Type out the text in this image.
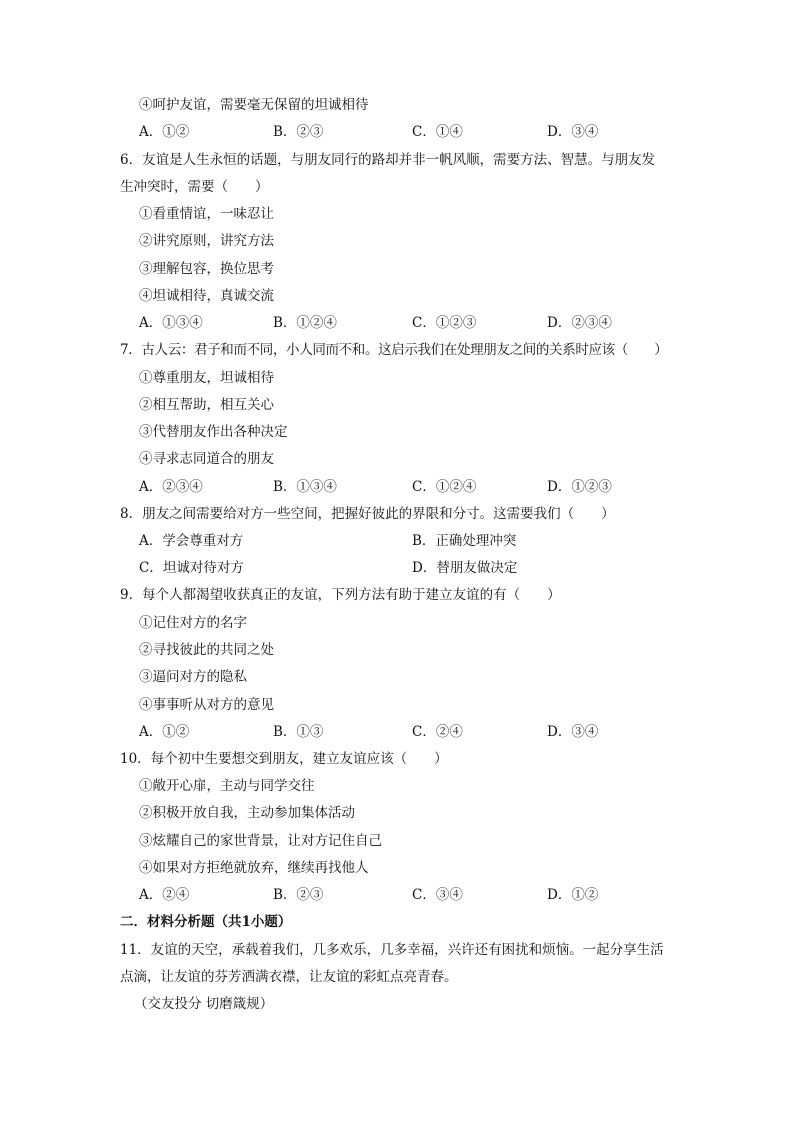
④呵护友谊，需要毫无保留的坦诚相待
A．①②	B．②③	C．①④	D．③④
6．友谊是人生永恒的话题，与朋友同行的路却并非一帆风顺，需要方法、智慧。与朋友发
生冲突时，需要（　　）
①看重情谊，一味忍让
②讲究原则，讲究方法
③理解包容，换位思考
④坦诚相待，真诚交流
A．①③④	B．①②④	C．①②③	D．②③④
7．古人云：君子和而不同，小人同而不和。这启示我们在处理朋友之间的关系时应该（　　）
①尊重朋友，坦诚相待
②相互帮助，相互关心
③代替朋友作出各种决定
④寻求志同道合的朋友
A．②③④	B．①③④	C．①②④	D．①②③
8．朋友之间需要给对方一些空间，把握好彼此的界限和分寸。这需要我们（　　）
A．学会尊重对方	B．正确处理冲突
C．坦诚对待对方	D．替朋友做决定
9．每个人都渴望收获真正的友谊，下列方法有助于建立友谊的有（　　）
①记住对方的名字
②寻找彼此的共同之处
③逼问对方的隐私
④事事听从对方的意见
A．①②	B．①③	C．②④	D．③④
10．每个初中生要想交到朋友，建立友谊应该（　　）
①敞开心扉，主动与同学交往
②积极开放自我，主动参加集体活动
③炫耀自己的家世背景，让对方记住自己
④如果对方拒绝就放弃，继续再找他人
A．②④	B．②③	C．③④	D．①②
二．材料分析题（共1小题）
11．友谊的天空，承载着我们，几多欢乐，几多幸福，兴许还有困扰和烦恼。一起分享生活
点滴，让友谊的芬芳洒满衣襟，让友谊的彩虹点亮青春。
（交友投分 切磨箴规）
